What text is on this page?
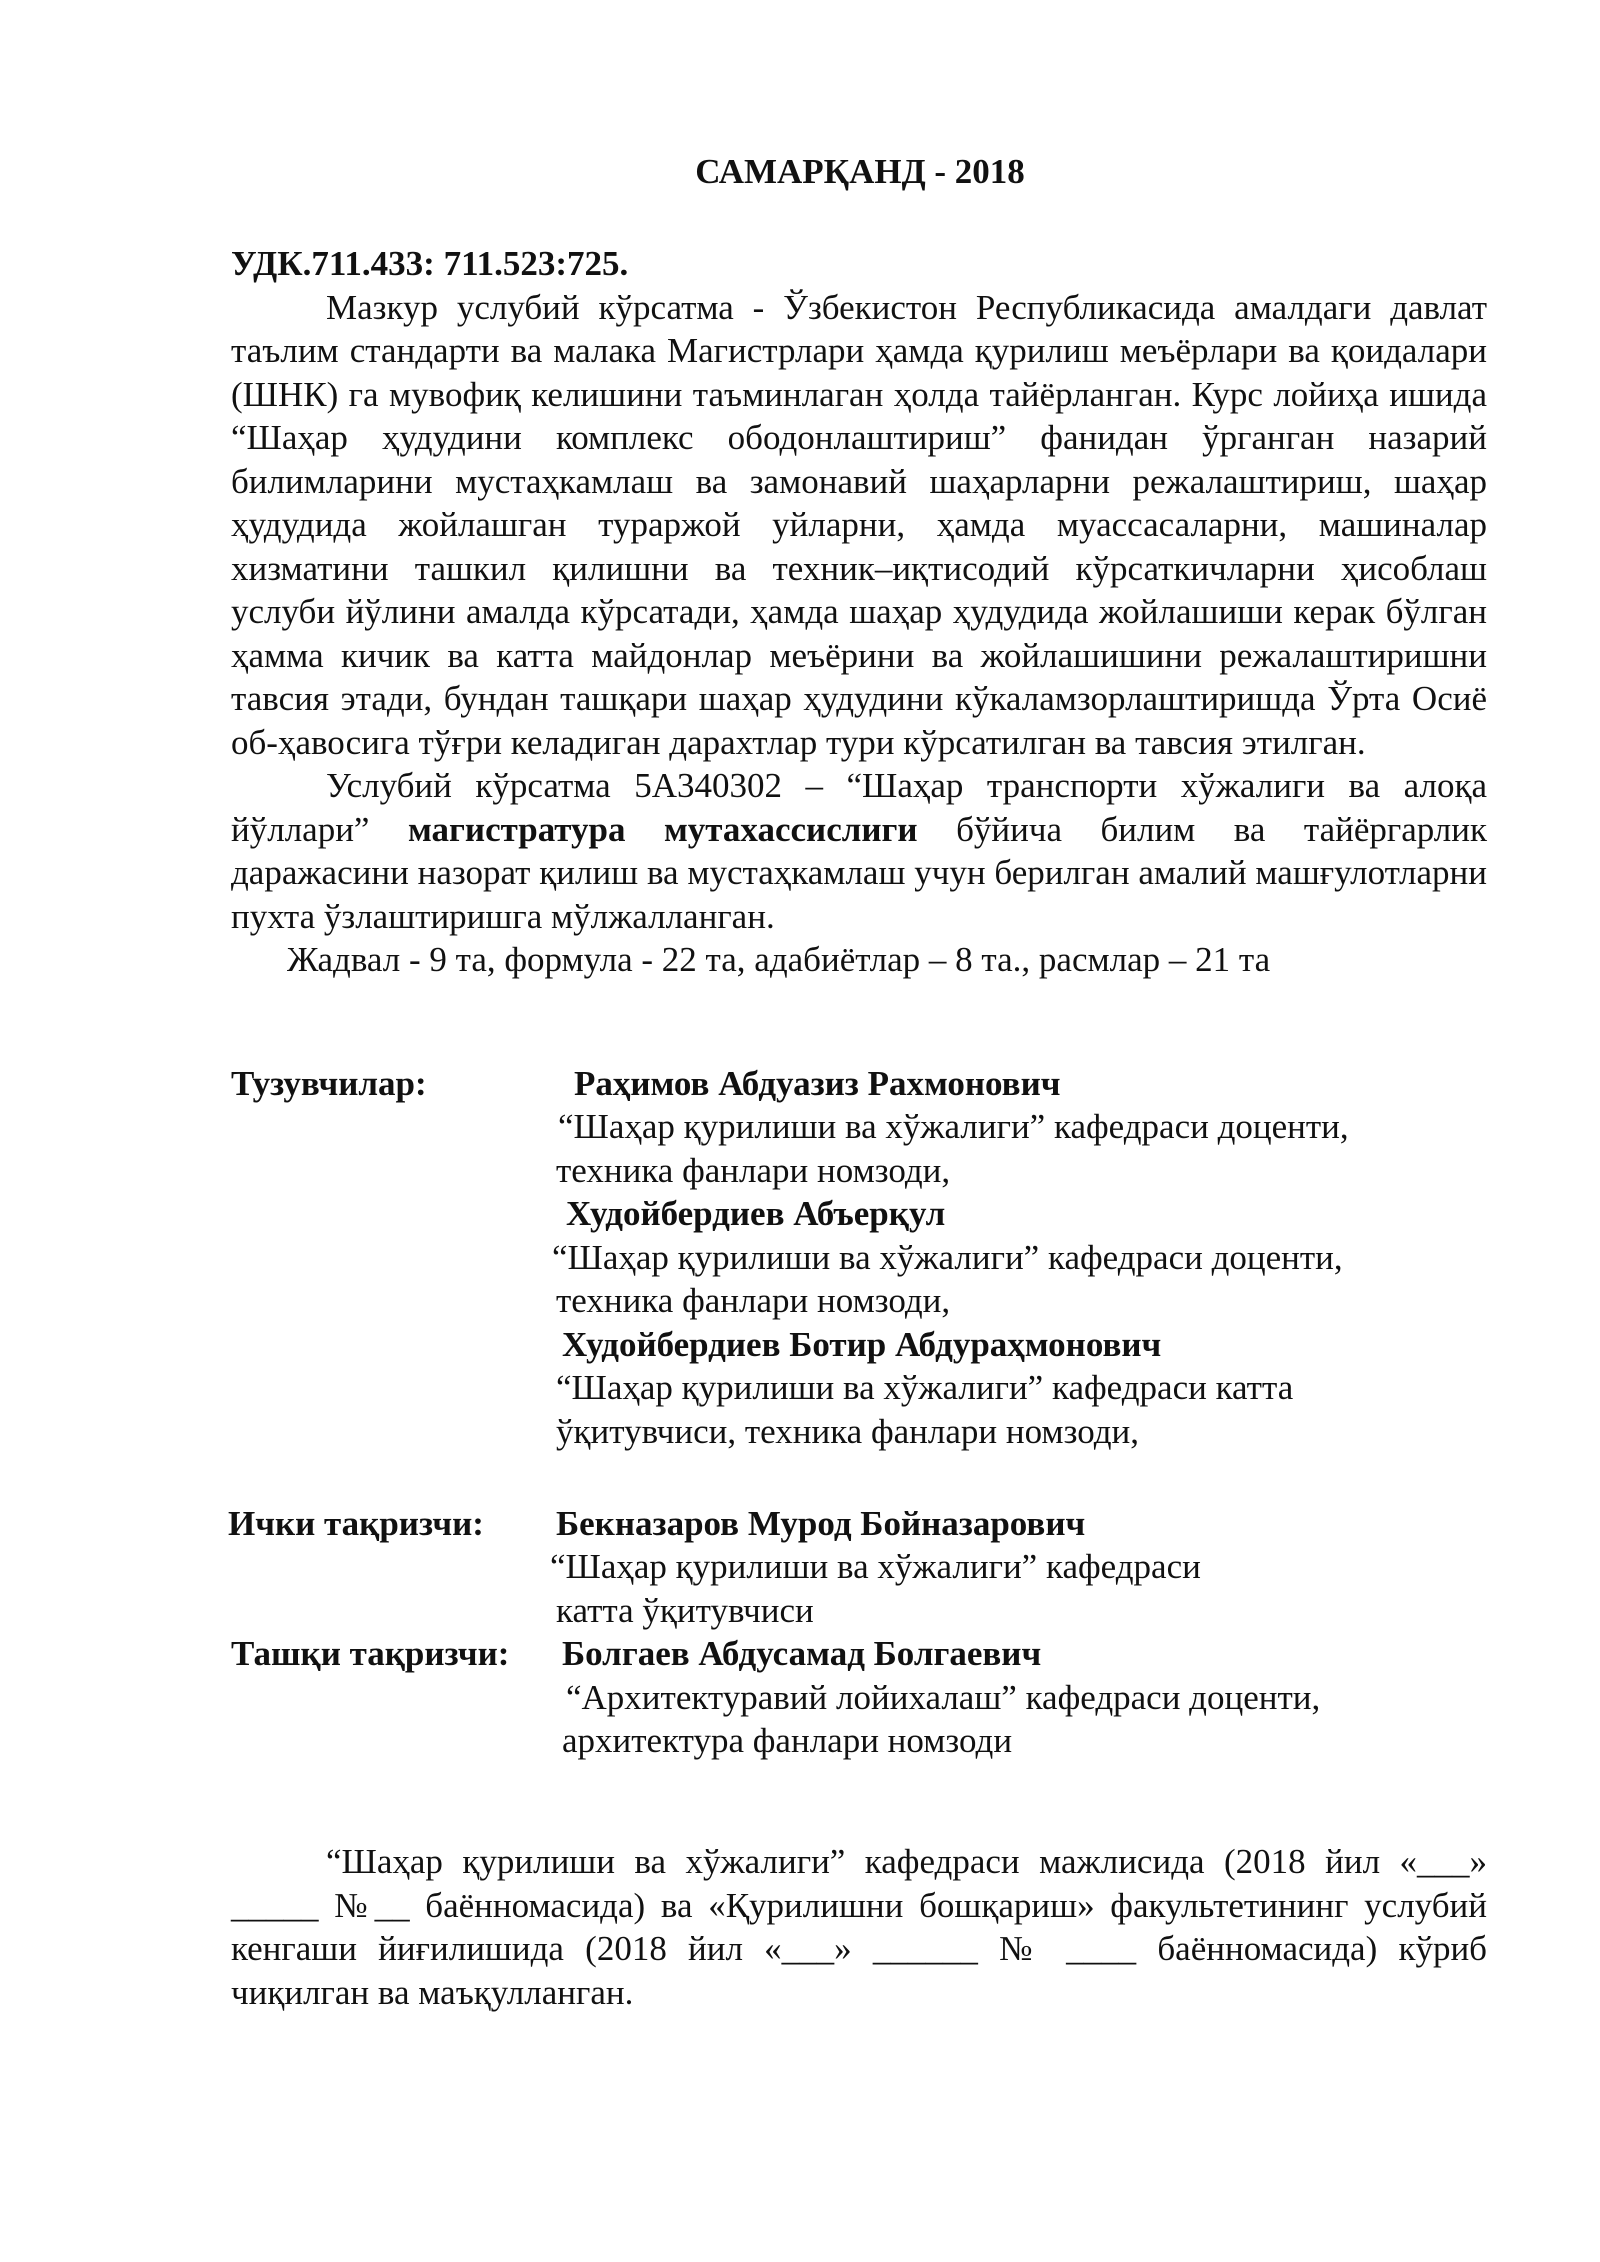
САМАРҚАНД - 2018

УДК.711.433: 711.523:725.

Мазкур услубий кўрсатма - Ўзбекистон Республикасида амалдаги давлат таълим стандарти ва малака Магистрлари ҳамда қурилиш меъёрлари ва қоидалари (ШНК) га мувофиқ келишини таъминлаган ҳолда тайёрланган. Курс лойиҳа ишида “Шаҳар ҳудудини комплекс ободонлаштириш” фанидан ўрганган назарий билимларини мустаҳкамлаш ва замонавий шаҳарларни режалаштириш, шаҳар ҳудудида жойлашган тураржой уйларни, ҳамда муассасаларни, машиналар хизматини ташкил қилишни ва техник–иқтисодий кўрсаткичларни ҳисоблаш услуби йўлини амалда кўрсатади, ҳамда шаҳар ҳудудида жойлашиши керак бўлган ҳамма кичик ва катта майдонлар меъёрини ва жойлашишини режалаштиришни тавсия этади, бундан ташқари шаҳар ҳудудини кўкаламзорлаштиришда Ўрта Осиё об-ҳавосига тўғри келадиган дарахтлар тури кўрсатилган ва тавсия этилган.

Услубий кўрсатма 5А340302 – “Шаҳар транспорти хўжалиги ва алоқа йўллари” магистратура мутахассислиги бўйича билим ва тайёргарлик даражасини назорат қилиш ва мустаҳкамлаш учун берилган амалий машғулотларни пухта ўзлаштиришга мўлжалланган.

Жадвал - 9 та, формула - 22 та, адабиётлар – 8 та., расмлар – 21 та

Тузувчилар:	Раҳимов Абдуазиз Рахмонович
“Шаҳар қурилиши ва хўжалиги” кафедраси доценти,
техника фанлари номзоди,
Худойбердиев Абъерқул
“Шаҳар қурилиши ва хўжалиги” кафедраси доценти,
техника фанлари номзоди,
Худойбердиев Ботир Абдураҳмонович
“Шаҳар қурилиши ва хўжалиги” кафедраси катта
ўқитувчиси, техника фанлари номзоди,
Ички тақризчи: Бекназаров Мурод Бойназарович
“Шаҳар қурилиши ва хўжалиги” кафедраси
катта ўқитувчиси
Ташқи тақризчи: Болгаев Абдусамад Болгаевич
“Архитектуравий лойихалаш” кафедраси доценти,
архитектура фанлари номзоди

“Шаҳар қурилиши ва хўжалиги” кафедраси мажлисида (2018 йил «___» _____ №__ баённомасида) ва «Қурилишни бошқариш» факультетининг услубий кенгаши йиғилишида (2018 йил «___» ______ № ____ баённомасида) кўриб чиқилган ва маъқулланган.
